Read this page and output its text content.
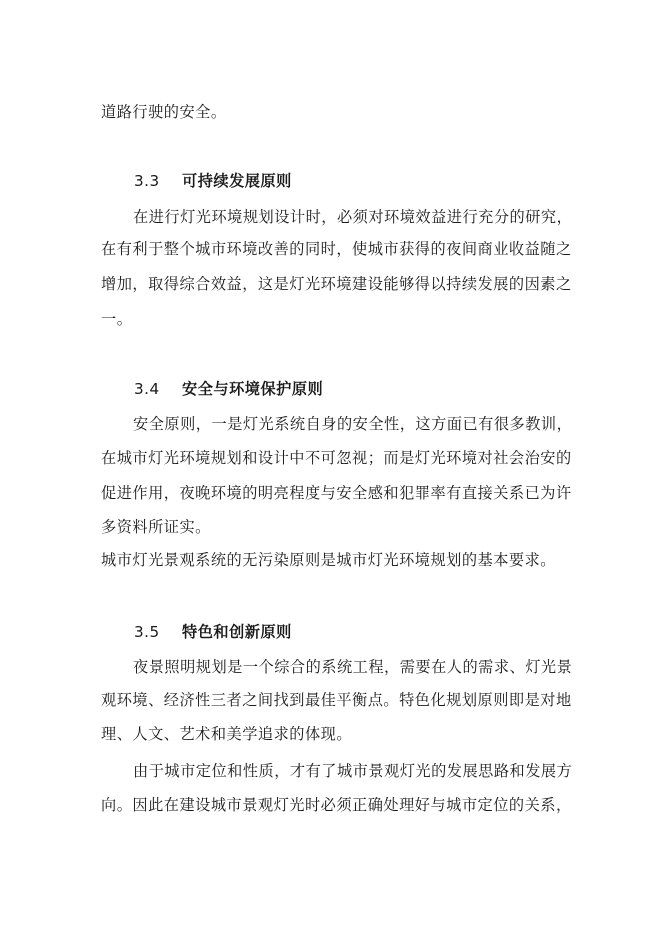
道路行驶的安全。
3.3 可持续发展原则
在进行灯光环境规划设计时，必须对环境效益进行充分的研究，
在有利于整个城市环境改善的同时，使城市获得的夜间商业收益随之
增加，取得综合效益，这是灯光环境建设能够得以持续发展的因素之
一。
3.4 安全与环境保护原则
安全原则，一是灯光系统自身的安全性，这方面已有很多教训，
在城市灯光环境规划和设计中不可忽视；而是灯光环境对社会治安的
促进作用，夜晚环境的明亮程度与安全感和犯罪率有直接关系已为许
多资料所证实。
城市灯光景观系统的无污染原则是城市灯光环境规划的基本要求。
3.5 特色和创新原则
夜景照明规划是一个综合的系统工程，需要在人的需求、灯光景
观环境、经济性三者之间找到最佳平衡点。特色化规划原则即是对地
理、人文、艺术和美学追求的体现。
由于城市定位和性质，才有了城市景观灯光的发展思路和发展方
向。因此在建设城市景观灯光时必须正确处理好与城市定位的关系，
